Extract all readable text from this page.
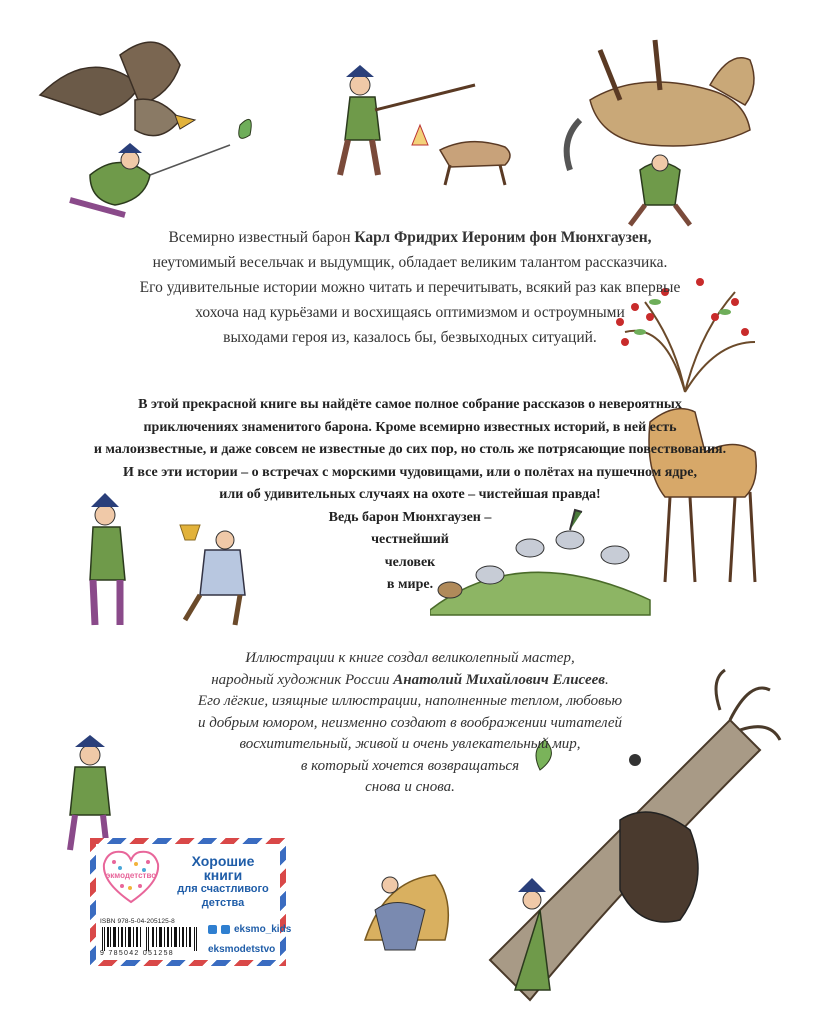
Всемирно известный барон Карл Фридрих Иероним фон Мюнхгаузен,
неутомимый весельчак и выдумщик, обладает великим талантом рассказчика.
Его удивительные истории можно читать и перечитывать, всякий раз как впервые
хохоча над курьёзами и восхищаясь оптимизмом и остроумными
выходами героя из, казалось бы, безвыходных ситуаций.
В этой прекрасной книге вы найдёте самое полное собрание рассказов о невероятных
приключениях знаменитого барона. Кроме всемирно известных историй, в ней есть
и малоизвестные, и даже совсем не известные до сих пор, но столь же потрясающие повествования.
И все эти истории – о встречах с морскими чудовищами, или о полётах на пушечном ядре,
или об удивительных случаях на охоте – чистейшая правда!
Ведь барон Мюнхгаузен –
честнейший
человек
в мире.
Иллюстрации к книге создал великолепный мастер,
народный художник России Анатолий Михайлович Елисеев.
Его лёгкие, изящные иллюстрации, наполненные теплом, любовью
и добрым юмором, неизменно создают в воображении читателей
восхитительный, живой и очень увлекательный мир,
в который хочется возвращаться
снова и снова.
экмодетство
Хорошие
книги
для счастливого
детства
ISBN 978-5-04-205125-8
9 785042 051258
eksmo_kids
eksmodetstvo
